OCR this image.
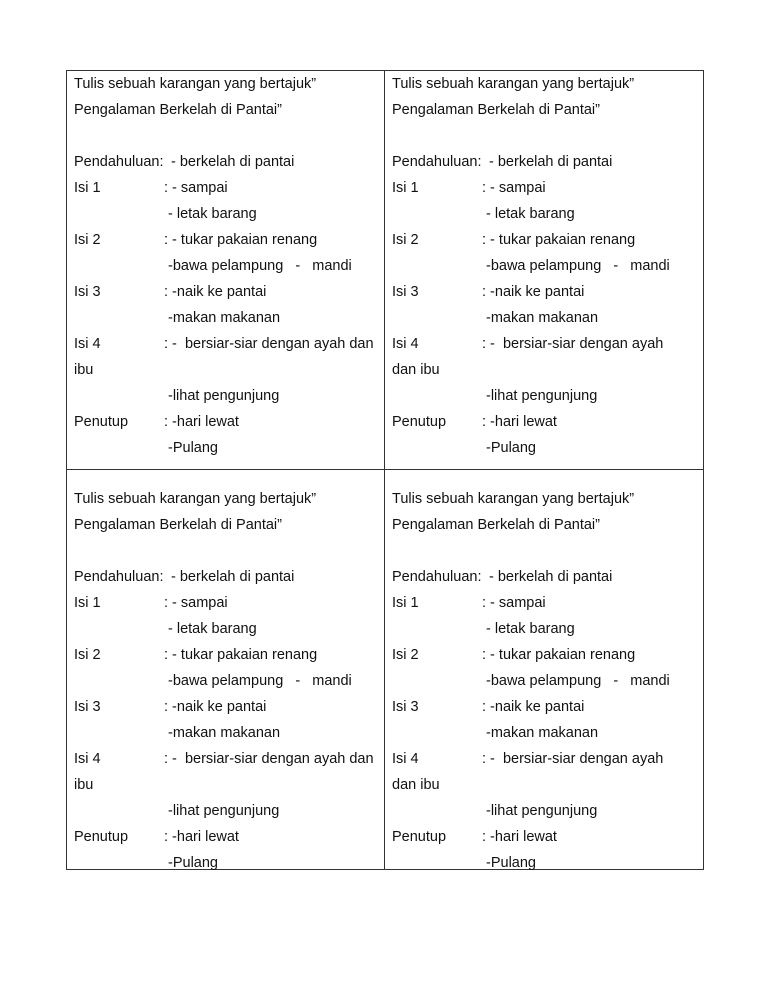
Tulis sebuah karangan yang bertajuk”
Pengalaman Berkelah di Pantai”
Pendahuluan: - berkelah di pantai
Isi 1	: - sampai
- letak barang
Isi 2	: - tukar pakaian renang
-bawa pelampung   -   mandi
Isi 3	: -naik ke pantai
-makan makanan
Isi 4	: -  bersiar-siar dengan ayah dan
ibu
-lihat pengunjung
Penutup : -hari lewat
-Pulang
Tulis sebuah karangan yang bertajuk”
Pengalaman Berkelah di Pantai”
Pendahuluan: - berkelah di pantai
Isi 1	: - sampai
- letak barang
Isi 2	: - tukar pakaian renang
-bawa pelampung   -   mandi
Isi 3	: -naik ke pantai
-makan makanan
Isi 4	: -  bersiar-siar dengan ayah
dan ibu
-lihat pengunjung
Penutup : -hari lewat
-Pulang
Tulis sebuah karangan yang bertajuk”
Pengalaman Berkelah di Pantai”
Pendahuluan: - berkelah di pantai
Isi 1	: - sampai
- letak barang
Isi 2	: - tukar pakaian renang
-bawa pelampung   -   mandi
Isi 3	: -naik ke pantai
-makan makanan
Isi 4	: -  bersiar-siar dengan ayah dan
ibu
-lihat pengunjung
Penutup : -hari lewat
-Pulang
Tulis sebuah karangan yang bertajuk”
Pengalaman Berkelah di Pantai”
Pendahuluan: - berkelah di pantai
Isi 1	: - sampai
- letak barang
Isi 2	: - tukar pakaian renang
-bawa pelampung   -   mandi
Isi 3	: -naik ke pantai
-makan makanan
Isi 4	: -  bersiar-siar dengan ayah
dan ibu
-lihat pengunjung
Penutup : -hari lewat
-Pulang
